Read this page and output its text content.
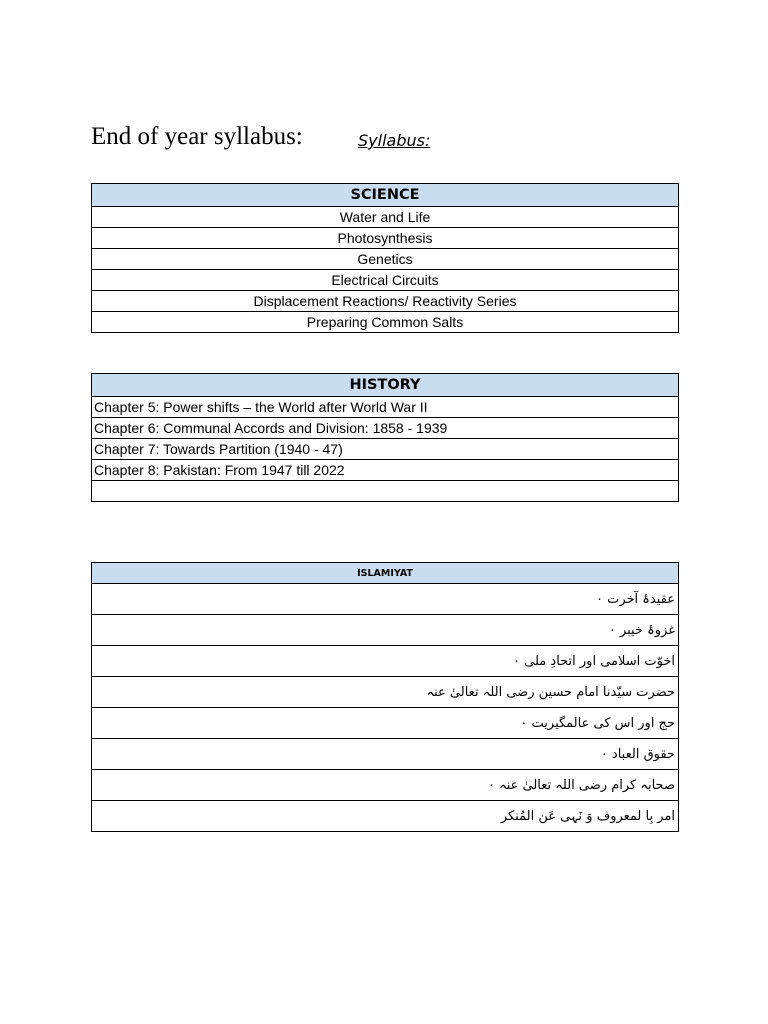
End of year syllabus:	Syllabus:
SCIENCE
Water and Life
Photosynthesis
Genetics
Electrical Circuits
Displacement Reactions/ Reactivity Series
Preparing Common Salts
HISTORY
Chapter 5: Power shifts – the World after World War II
Chapter 6: Communal Accords and Division: 1858 - 1939
Chapter 7: Towards Partition (1940 - 47)
Chapter 8: Pakistan: From 1947 till 2022

ISLAMIYAT
عقیدۂ آخرت ۰
غزوۂ خیبر ۰
اخوّت اسلامی اور اتحادِ ملی ۰
حضرت سیّدنا امام حسین رضی اللہ تعالیٰ عنہ
حج اور اس کی عالمگیریت ۰
حقوق العباد ۰
صحابہ کرام رضی اللہ تعالیٰ عنہ ۰
امر بِا لمعروف وَ نَہی عَن المُنکر
